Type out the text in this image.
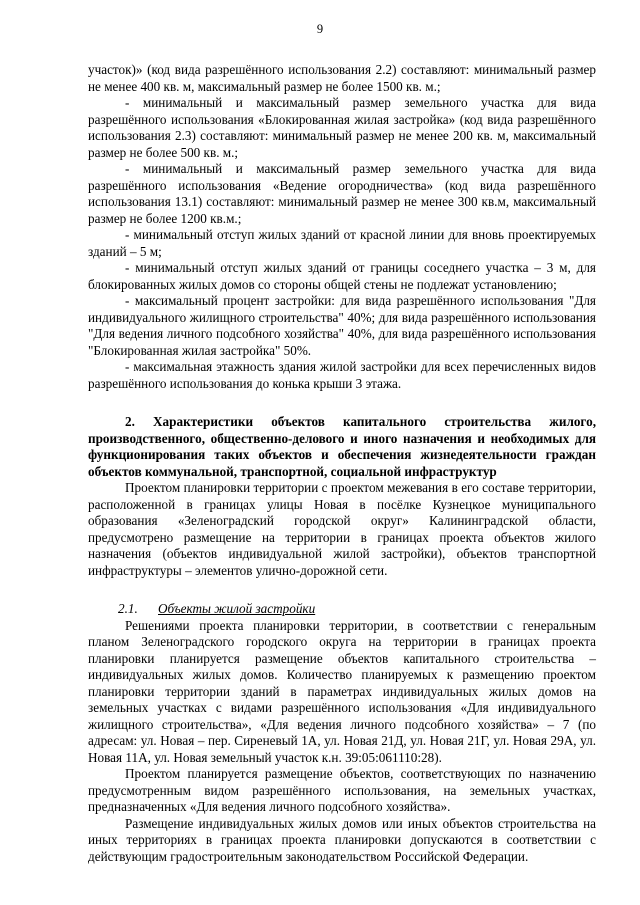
9

участок)» (код вида разрешённого использования 2.2) составляют: минимальный размер не менее 400 кв. м, максимальный размер не более 1500 кв. м.;

- минимальный и максимальный размер земельного участка для вида разрешённого использования «Блокированная жилая застройка» (код вида разрешённого использования 2.3) составляют: минимальный размер не менее 200 кв. м, максимальный размер не более 500 кв. м.;

- минимальный и максимальный размер земельного участка для вида разрешённого использования «Ведение огородничества» (код вида разрешённого использования 13.1) составляют: минимальный размер не менее 300 кв.м, максимальный размер не более 1200 кв.м.;

- минимальный отступ жилых зданий от красной линии для вновь проектируемых зданий – 5 м;

- минимальный отступ жилых зданий от границы соседнего участка – 3 м, для блокированных жилых домов со стороны общей стены не подлежат установлению;

- максимальный процент застройки: для вида разрешённого использования "Для индивидуального жилищного строительства" 40%; для вида разрешённого использования "Для ведения личного подсобного хозяйства" 40%, для вида разрешённого использования "Блокированная жилая застройка" 50%.

- максимальная этажность здания жилой застройки для всех перечисленных видов разрешённого использования до конька крыши 3 этажа.

2. Характеристики объектов капитального строительства жилого, производственного, общественно-делового и иного назначения и необходимых для функционирования таких объектов и обеспечения жизнедеятельности граждан объектов коммунальной, транспортной, социальной инфраструктур

Проектом планировки территории с проектом межевания в его составе территории, расположенной в границах улицы Новая в посёлке Кузнецкое муниципального образования «Зеленоградский городской округ» Калининградской области, предусмотрено размещение на территории в границах проекта объектов жилого назначения (объектов индивидуальной жилой застройки), объектов транспортной инфраструктуры – элементов улично-дорожной сети.

2.1. Объекты жилой застройки

Решениями проекта планировки территории, в соответствии с генеральным планом Зеленоградского городского округа на территории в границах проекта планировки планируется размещение объектов капитального строительства – индивидуальных жилых домов. Количество планируемых к размещению проектом планировки территории зданий в параметрах индивидуальных жилых домов на земельных участках с видами разрешённого использования «Для индивидуального жилищного строительства», «Для ведения личного подсобного хозяйства» – 7 (по адресам: ул. Новая – пер. Сиреневый 1А, ул. Новая 21Д, ул. Новая 21Г, ул. Новая 29А, ул. Новая 11А, ул. Новая земельный участок к.н. 39:05:061110:28).

Проектом планируется размещение объектов, соответствующих по назначению предусмотренным видом разрешённого использования, на земельных участках, предназначенных «Для ведения личного подсобного хозяйства».

Размещение индивидуальных жилых домов или иных объектов строительства на иных территориях в границах проекта планировки допускаются в соответствии с действующим градостроительным законодательством Российской Федерации.
